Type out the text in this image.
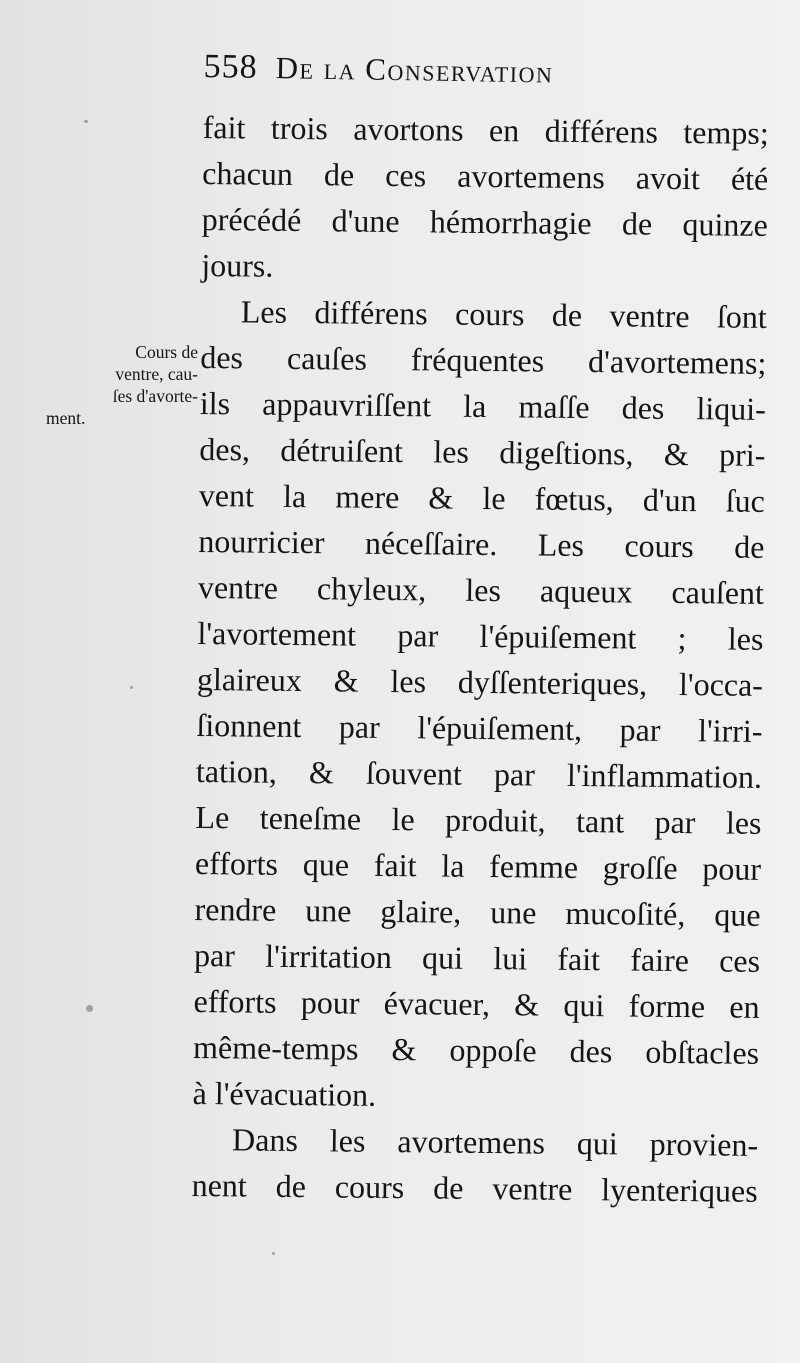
558 De la Conservation
Cours de
ventre, cau-
ſes d'avorte-
ment.
fait trois avortons en différens temps;
chacun de ces avortemens avoit été
précédé d'une hémorrhagie de quinze
jours.
Les différens cours de ventre ſont
des cauſes fréquentes d'avortemens;
ils appauvriſſent la maſſe des liqui-
des, détruiſent les digeſtions, & pri-
vent la mere & le fœtus, d'un ſuc
nourricier néceſſaire. Les cours de
ventre chyleux, les aqueux cauſent
l'avortement par l'épuiſement ; les
glaireux & les dyſſenteriques, l'occa-
ſionnent par l'épuiſement, par l'irri-
tation, & ſouvent par l'inflammation.
Le teneſme le produit, tant par les
efforts que fait la femme groſſe pour
rendre une glaire, une mucoſité, que
par l'irritation qui lui fait faire ces
efforts pour évacuer, & qui forme en
même-temps & oppoſe des obſtacles
à l'évacuation.
Dans les avortemens qui provien-
nent de cours de ventre lyenteriques
